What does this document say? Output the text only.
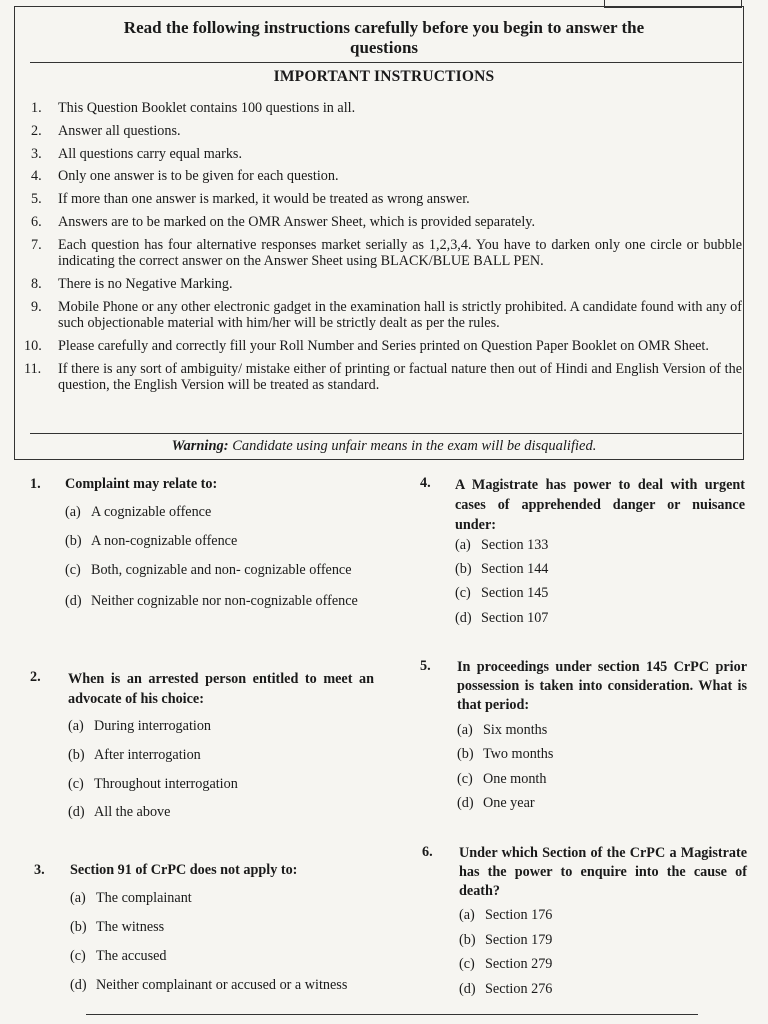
Read the following instructions carefully before you begin to answer the
questions
IMPORTANT INSTRUCTIONS
1.	This Question Booklet contains 100 questions in all.
2.	Answer all questions.
3.	All questions carry equal marks.
4.	Only one answer is to be given for each question.
5.	If more than one answer is marked, it would be treated as wrong answer.
6.	Answers are to be marked on the OMR Answer Sheet, which is provided separately.
7.	Each question has four alternative responses market serially as 1,2,3,4. You have to darken only one circle or bubble indicating the correct answer on the Answer Sheet using BLACK/BLUE BALL PEN.
8.	There is no Negative Marking.
9.	Mobile Phone or any other electronic gadget in the examination hall is strictly prohibited. A candidate found with any of such objectionable material with him/her will be strictly dealt as per the rules.
10.	Please carefully and correctly fill your Roll Number and Series printed on Question Paper Booklet on OMR Sheet.
11.	If there is any sort of ambiguity/ mistake either of printing or factual nature then out of Hindi and English Version of the question, the English Version will be treated as standard.
Warning: Candidate using unfair means in the exam will be disqualified.
1. Complaint may relate to:
(a) A cognizable offence
(b) A non-cognizable offence
(c) Both, cognizable and non- cognizable offence
(d) Neither cognizable nor non-cognizable offence
2. When is an arrested person entitled to meet an advocate of his choice:
(a) During interrogation
(b) After interrogation
(c) Throughout interrogation
(d) All the above
3. Section 91 of CrPC does not apply to:
(a) The complainant
(b) The witness
(c) The accused
(d) Neither complainant or accused or a witness
4. A Magistrate has power to deal with urgent cases of apprehended danger or nuisance under:
(a) Section 133
(b) Section 144
(c) Section 145
(d) Section 107
5. In proceedings under section 145 CrPC prior possession is taken into consideration. What is that period:
(a) Six months
(b) Two months
(c) One month
(d) One year
6. Under which Section of the CrPC a Magistrate has the power to enquire into the cause of death?
(a) Section 176
(b) Section 179
(c) Section 279
(d) Section 276
